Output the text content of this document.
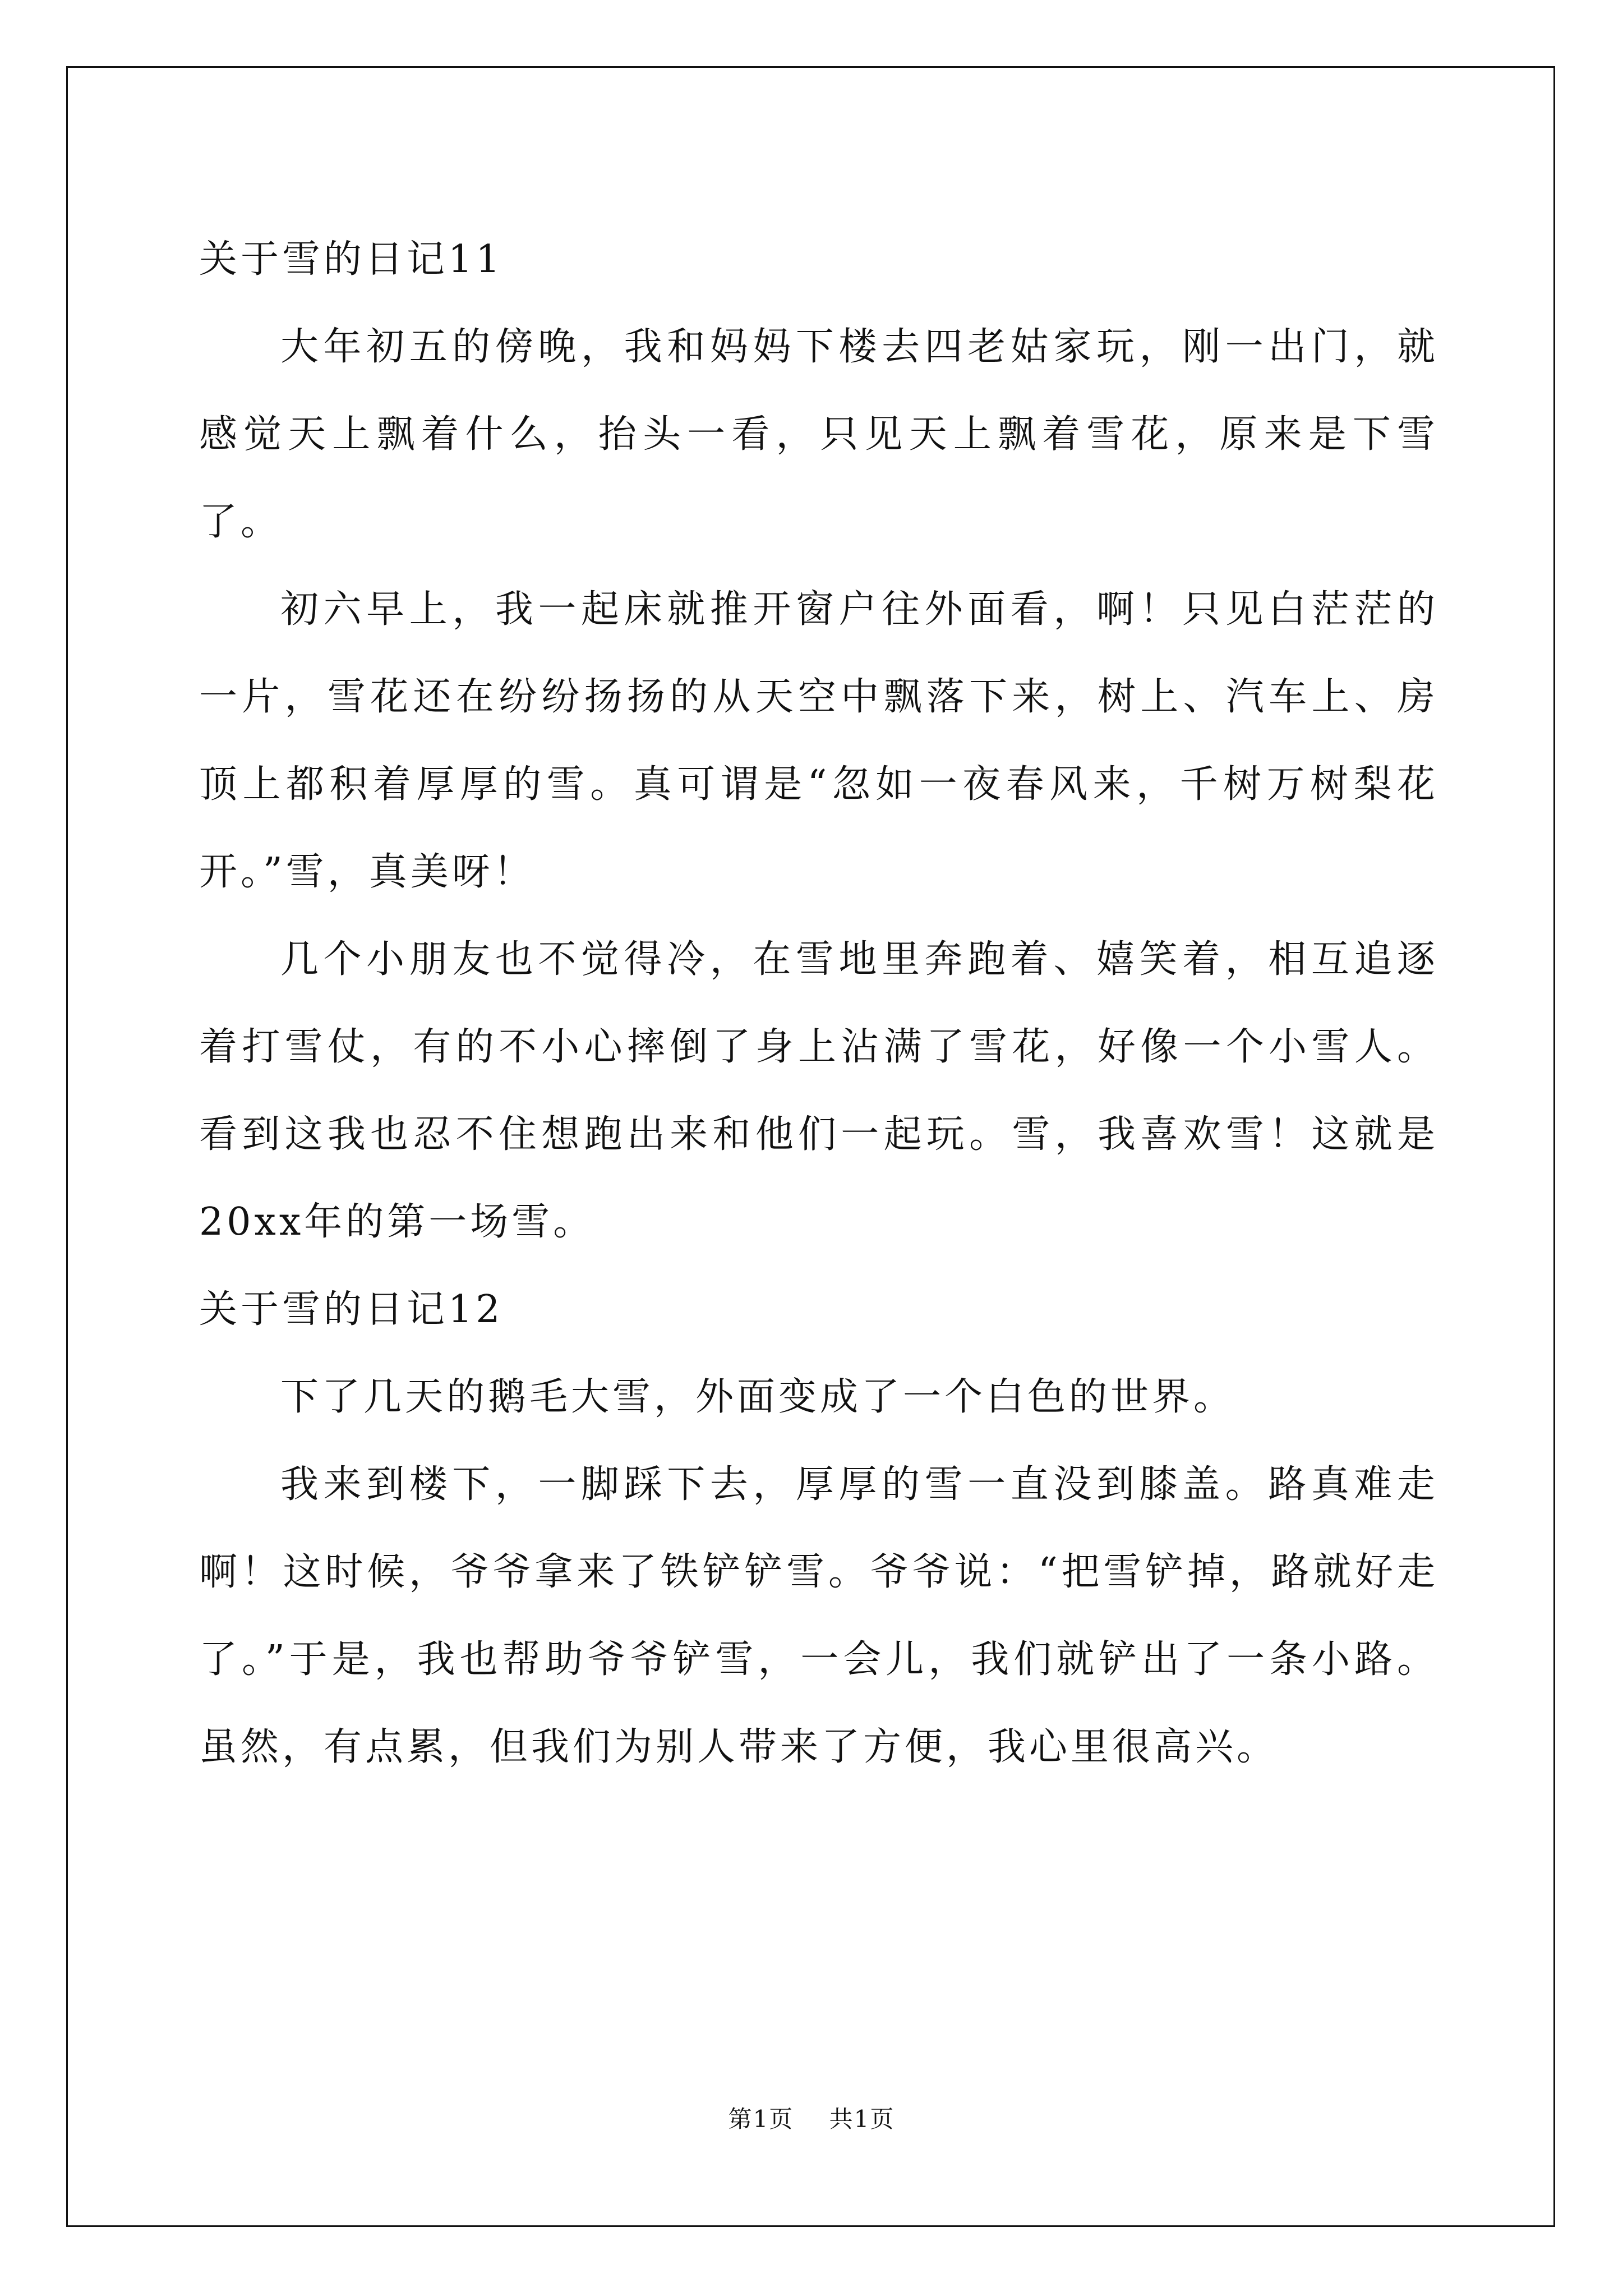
关于雪的日记11

大年初五的傍晚，我和妈妈下楼去四老姑家玩，刚一出门，就感觉天上飘着什么，抬头一看，只见天上飘着雪花，原来是下雪了。

初六早上，我一起床就推开窗户往外面看，啊！只见白茫茫的一片，雪花还在纷纷扬扬的从天空中飘落下来，树上、汽车上、房顶上都积着厚厚的雪。真可谓是“忽如一夜春风来，千树万树梨花开。”雪，真美呀！

几个小朋友也不觉得冷，在雪地里奔跑着、嬉笑着，相互追逐着打雪仗，有的不小心摔倒了身上沾满了雪花，好像一个小雪人。看到这我也忍不住想跑出来和他们一起玩。雪，我喜欢雪！这就是20xx年的第一场雪。

关于雪的日记12

下了几天的鹅毛大雪，外面变成了一个白色的世界。

我来到楼下，一脚踩下去，厚厚的雪一直没到膝盖。路真难走啊！这时候，爷爷拿来了铁铲铲雪。爷爷说：“把雪铲掉，路就好走了。”于是，我也帮助爷爷铲雪，一会儿，我们就铲出了一条小路。虽然，有点累，但我们为别人带来了方便，我心里很高兴。

第1页 共1页
